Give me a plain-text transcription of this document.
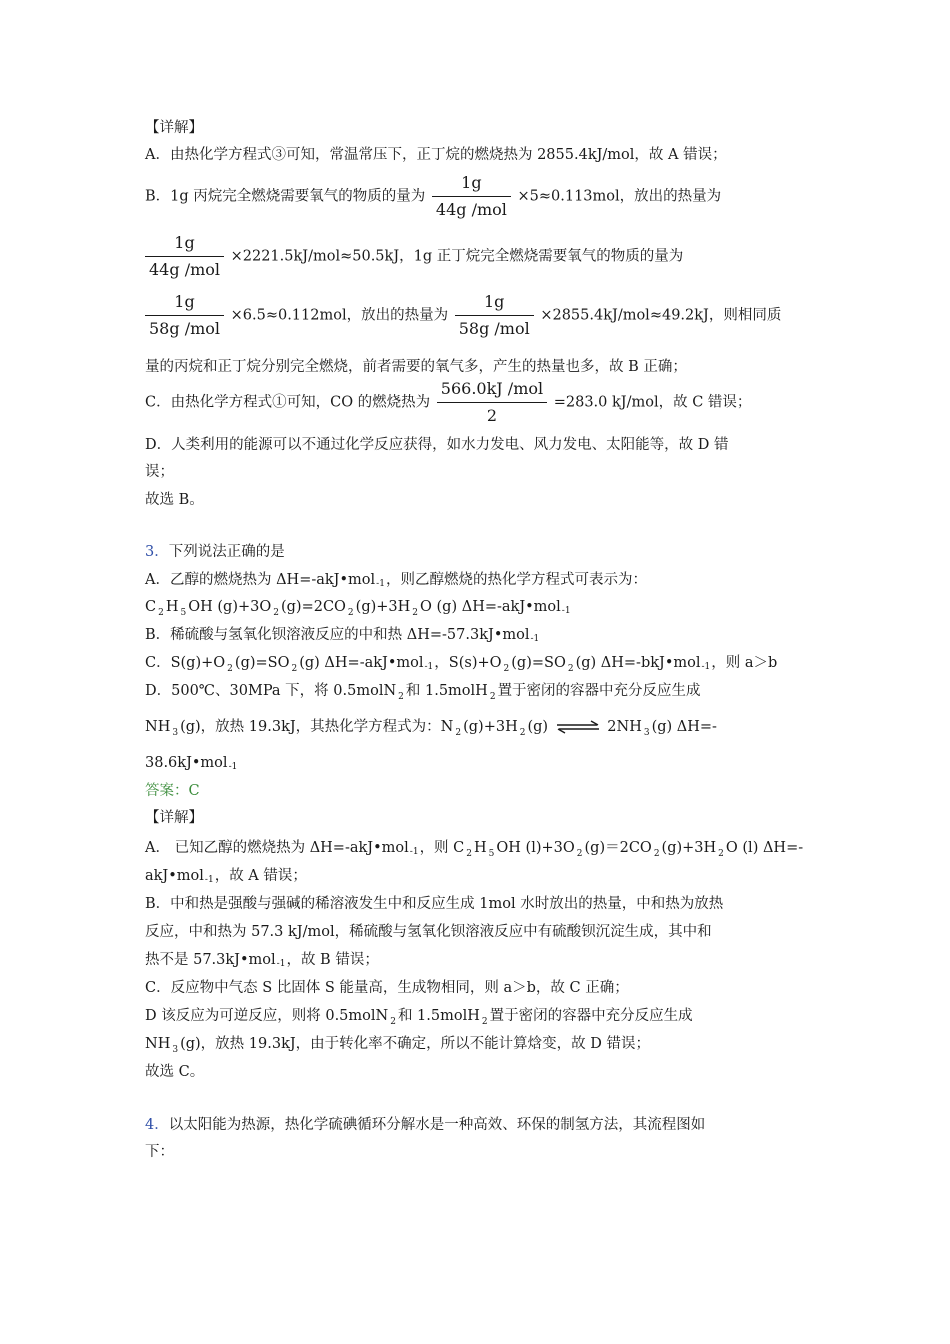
【详解】
A．由热化学方程式③可知，常温常压下，正丁烷的燃烧热为 2855.4kJ/mol，故 A 错误；
B．1g 丙烷完全燃烧需要氧气的物质的量为 $\frac{1g}{\text{44g /mol}} \times 5\approx 0.113mol$，放出的热量为
$\frac{1g}{\text{44g /mol}} \times 2221.5kJ/mol\approx 50.5kJ$，1g 正丁烷完全燃烧需要氧气的物质的量为
$\frac{1g}{\text{58g /mol}} \times 6.5\approx 0.112mol$，放出的热量为 $\frac{1g}{\text{58g /mol}} \times 2855.4kJ/mol\approx 49.2kJ$，则相同质
量的丙烷和正丁烷分别完全燃烧，前者需要的氧气多，产生的热量也多，故 B 正确；
C．由热化学方程式①可知，CO 的燃烧热为 $\frac{\text{566.0kJ /mol}}{2} =283.0$ kJ/mol，故 C 错误；
D．人类利用的能源可以不通过化学反应获得，如水力发电、风力发电、太阳能等，故 D 错
误；
故选 B。
3．下列说法正确的是
A．乙醇的燃烧热为 ΔH=-akJ•mol-1，则乙醇燃烧的热化学方程式可表示为：
C $_2$ H $_5$ OH (g)+3O $_2$ (g)=2CO $_2$ (g)+3H $_2$ O (g) ΔH=-akJ•mol-1
B．稀硫酸与氢氧化钡溶液反应的中和热 ΔH=-57.3kJ•mol-1
C．S(g)+O $_2$ (g)=SO $_2$ (g) ΔH=-akJ•mol-1，S(s)+O $_2$ (g)=SO $_2$ (g) ΔH=-bkJ•mol-1，则 a＞b
D．500℃、30MPa 下，将 0.5molN $_2$ 和 1.5molH $_2$ 置于密闭的容器中充分反应生成
NH $_3$ (g)，放热 19.3kJ，其热化学方程式为：N $_2$ (g)+3H $_2$ (g) ⇌ 2NH $_3$ (g) ΔH=-
38.6kJ•mol-1
答案：C
【详解】
A． 已知乙醇的燃烧热为 ΔH=-akJ•mol-1，则 C $_2$ H $_5$ OH (l)+3O $_2$ (g)＝2CO $_2$ (g)+3H $_2$ O (l) ΔH=-
akJ•mol-1，故 A 错误；
B．中和热是强酸与强碱的稀溶液发生中和反应生成 1mol 水时放出的热量，中和热为放热
反应，中和热为 57.3 kJ/mol，稀硫酸与氢氧化钡溶液反应中有硫酸钡沉淀生成，其中和
热不是 57.3kJ•mol-1，故 B 错误；
C．反应物中气态 S 比固体 S 能量高，生成物相同，则 a＞b，故 C 正确；
D 该反应为可逆反应，则将 0.5molN $_2$ 和 1.5molH $_2$ 置于密闭的容器中充分反应生成
NH $_3$ (g)，放热 19.3kJ，由于转化率不确定，所以不能计算焓变，故 D 错误；
故选 C。
4．以太阳能为热源，热化学硫碘循环分解水是一种高效、环保的制氢方法，其流程图如
下：
